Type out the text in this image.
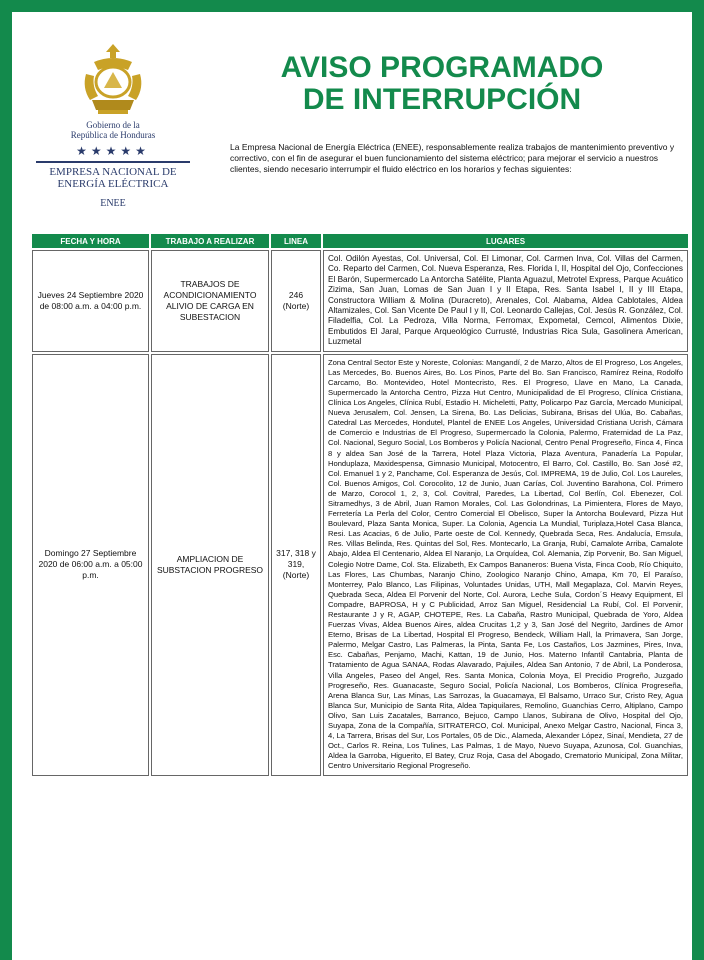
Gobierno de la
República de Honduras
★★★★★
EMPRESA NACIONAL DE
ENERGÍA ELÉCTRICA
ENEE
AVISO PROGRAMADO
DE INTERRUPCIÓN
La Empresa Nacional de Energía Eléctrica (ENEE), responsablemente realiza trabajos de mantenimiento preventivo y correctivo, con el fin de asegurar el buen funcionamiento del sistema eléctrico; para mejorar el servicio a nuestros clientes, siendo necesario interrumpir el fluido eléctrico en los horarios y fechas siguientes:
FECHA Y HORA	TRABAJO A REALIZAR	LINEA	LUGARES
Jueves 24 Septiembre 2020 de 08:00 a.m. a 04:00 p.m.	TRABAJOS DE ACONDICIONAMIENTO ALIVIO DE CARGA EN SUBESTACION	246 (Norte)	Col. Odilón Ayestas, Col. Universal, Col. El Limonar, Col. Carmen Inva, Col. Villas del Carmen, Co. Reparto del Carmen, Col. Nueva Esperanza, Res. Florida I, II, Hospital del Ojo, Confecciones El Barón, Supermercado La Antorcha Satélite, Planta Aguazul, Metrotel Express, Parque Acuático Zizima, San Juan, Lomas de San Juan I y II Etapa, Res. Santa Isabel I, II y III Etapa, Constructora William & Molina (Duracreto), Arenales, Col. Alabama, Aldea Cablotales, Aldea Altamizales, Col. San Vicente De Paul I y II, Col. Leonardo Callejas, Col. Jesús R. González, Col. Filadelfia, Col. La Pedroza, Villa Norma, Ferromax, Expometal, Cemcol, Alimentos Dixie, Embutidos El Jaral, Parque Arqueológico Currusté, Industrias Rica Sula, Gasolinera American, Luzmetal
Domingo 27 Septiembre 2020 de 06:00 a.m. a 05:00 p.m.	AMPLIACION DE SUBSTACION PROGRESO	317, 318 y 319, (Norte)	Zona Central Sector Este y Noreste, Colonias: Mangandí, 2 de Marzo, Altos de El Progreso, Los Angeles, Las Mercedes, Bo. Buenos Aires, Bo. Los Pinos, Parte del Bo. San Francisco, Ramírez Reina, Rodolfo Carcamo, Bo. Montevideo, Hotel Montecristo, Res. El Progreso, Llave en Mano, La Canada, Supermercado la Antorcha Centro, Pizza Hut Centro, Municipalidad de El Progreso, Clínica Cristiana, Clínica Los Angeles, Clínica Rubí, Estadio H. Micheletti, Patty, Policarpo Paz García, Mercado Municipal, Nueva Jerusalem, Col. Jensen, La Sirena, Bo. Las Delicias, Subirana, Brisas del Ulúa, Bo. Cabañas, Catedral Las Mercedes, Hondutel, Plantel de ENEE Los Angeles, Universidad Cristiana Ucrish, Cámara de Comercio e Industrias de El Progreso, Supermercado la Colonia, Palermo, Fraternidad de La Paz, Col. Nacional, Seguro Social, Los Bomberos y Policía Nacional, Centro Penal Progreseño, Finca 4, Finca 8 y aldea San José de la Tarrera, Hotel Plaza Victoria, Plaza Aventura, Panadería La Popular, Honduplaza, Maxidespensa, Gimnasio Municipal, Motocentro, El Barro, Col. Castillo, Bo. San José #2, Col. Emanuel 1 y 2, Panchame, Col. Esperanza de Jesús, Col. IMPREMA, 19 de Julio, Col. Los Laureles, Col. Buenos Amigos, Col. Corocolito, 12 de Junio, Juan Carías, Col. Juventino Barahona, Col. Primero de Marzo, Corocol 1, 2, 3, Col. Covitral, Paredes, La Libertad, Col Berlín, Col. Ebenezer, Col. Sitramedhys, 3 de Abril, Juan Ramon Morales, Col. Las Golondrinas, La Pimientera, Flores de Mayo, Ferretería La Perla del Color, Centro Comercial El Obelisco, Super la Antorcha Boulevard, Pizza Hut Boulevard, Plaza Santa Monica, Super. La Colonia, Agencia La Mundial, Turiplaza,Hotel Casa Blanca, Resi. Las Acacias, 6 de Julio, Parte oeste de Col. Kennedy, Quebrada Seca, Res. Andalucía, Emsula, Res. Villas Belinda, Res. Quintas del Sol, Res. Montecarlo, La Granja, Rubí, Camalote Arriba, Camalote Abajo, Aldea El Centenario, Aldea El Naranjo, La Orquídea, Col. Alemania, Zip Porvenir, Bo. San Miguel, Colegio Notre Dame, Col. Sta. Elizabeth, Ex Campos Bananeros: Buena Vista, Finca Coob, Río Chiquito, Las Flores, Las Chumbas, Naranjo Chino, Zoologico Naranjo Chino, Amapa, Km 70, El Paraíso, Monterrey, Palo Blanco, Las Filipinas, Voluntades Unidas, UTH, Mall Megaplaza, Col. Marvin Reyes, Quebrada Seca, Aldea El Porvenir del Norte, Col. Aurora, Leche Sula, Cordon´S Heavy Equipment, El Compadre, BAPROSA, H y C Publicidad, Arroz San Miguel, Residencial La Rubí, Col. El Porvenir, Restaurante J y R, AGAP, CHOTEPE, Res. La Cabaña, Rastro Municipal, Quebrada de Yoro, Aldea Fuerzas Vivas, Aldea Buenos Aires, aldea Crucitas 1,2 y 3, San José del Negrito, Jardines de Amor Eterno, Brisas de La Libertad, Hospital El Progreso, Bendeck, William Hall, la Primavera, San Jorge, Palermo, Melgar Castro, Las Palmeras, la Pinta, Santa Fe, Los Castaños, Los Jazmines, Pires, Inva, Esc. Cabañas, Penjamo, Machi, Kattan, 19 de Junio, Hos. Materno Infantil Cantabria, Planta de Tratamiento de Agua SANAA, Rodas Alavarado, Pajuiles, Aldea San Antonio, 7 de Abril, La Ponderosa, Villa Angeles, Paseo del Angel, Res. Santa Monica, Colonia Moya, El Precidio Progreño, Juzgado Progreseño, Res. Guanacaste, Seguro Social, Policía Nacional, Los Bomberos, Clínica Progreseña, Arena Blanca Sur, Las Minas, Las Sarrozas, la Guacamaya, El Balsamo, Urraco Sur, Cristo Rey, Agua Blanca Sur, Municipio de Santa Rita, Aldea Tapiquilares, Remolino, Guanchias Cerro, Altiplano, Campo Olivo, San Luis Zacatales, Barranco, Bejuco, Campo Llanos, Subirana de Olivo, Hospital del Ojo, Suyapa, Zona de la Compañía, SITRATERCO, Col. Municipal, Anexo Melgar Castro, Nacional, Finca 3, 4, La Tarrera, Brisas del Sur, Los Portales, 05 de Dic., Alameda, Alexander López, Sinaí, Mendieta, 27 de Oct., Carlos R. Reina, Los Tulines, Las Palmas, 1 de Mayo, Nuevo Suyapa, Azunosa, Col. Guanchias, Aldea la Garroba, Higuerito, El Batey, Cruz Roja, Casa del Abogado, Crematorio Municipal, Zona Militar, Centro Universitario Regional Progreseño.
